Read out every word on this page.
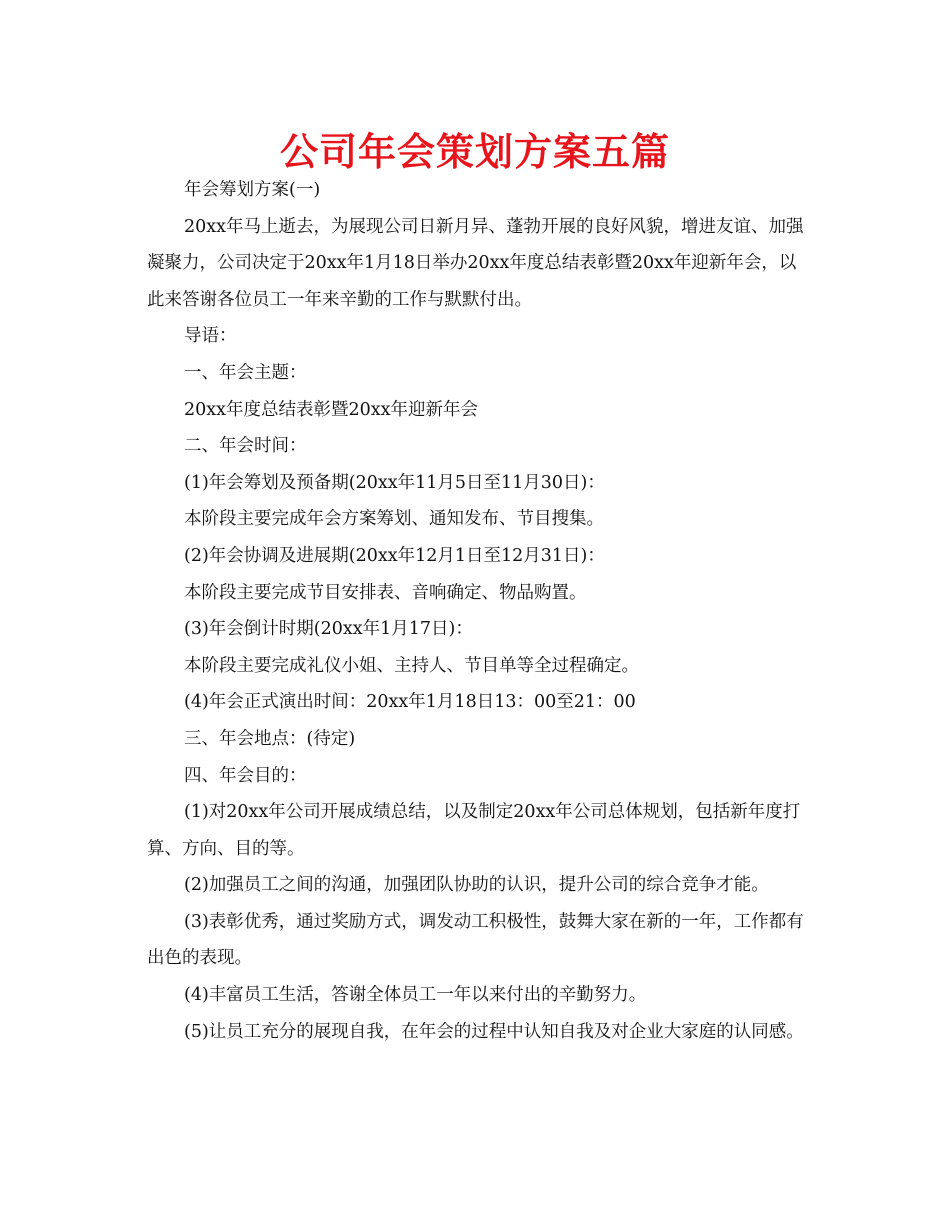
公司年会策划方案五篇

年会筹划方案(一)

20xx年马上逝去，为展现公司日新月异、蓬勃开展的良好风貌，增进友谊、加强凝聚力，公司决定于20xx年1月18日举办20xx年度总结表彰暨20xx年迎新年会，以此来答谢各位员工一年来辛勤的工作与默默付出。

导语：

一、年会主题：

20xx年度总结表彰暨20xx年迎新年会

二、年会时间：

(1)年会筹划及预备期(20xx年11月5日至11月30日)：

本阶段主要完成年会方案筹划、通知发布、节目搜集。

(2)年会协调及进展期(20xx年12月1日至12月31日)：

本阶段主要完成节目安排表、音响确定、物品购置。

(3)年会倒计时期(20xx年1月17日)：

本阶段主要完成礼仪小姐、主持人、节目单等全过程确定。

(4)年会正式演出时间：20xx年1月18日13：00至21：00

三、年会地点：(待定)

四、年会目的：

(1)对20xx年公司开展成绩总结，以及制定20xx年公司总体规划，包括新年度打算、方向、目的等。

(2)加强员工之间的沟通，加强团队协助的认识，提升公司的综合竞争才能。

(3)表彰优秀，通过奖励方式，调发动工积极性，鼓舞大家在新的一年，工作都有出色的表现。

(4)丰富员工生活，答谢全体员工一年以来付出的辛勤努力。

(5)让员工充分的展现自我，在年会的过程中认知自我及对企业大家庭的认同感。
